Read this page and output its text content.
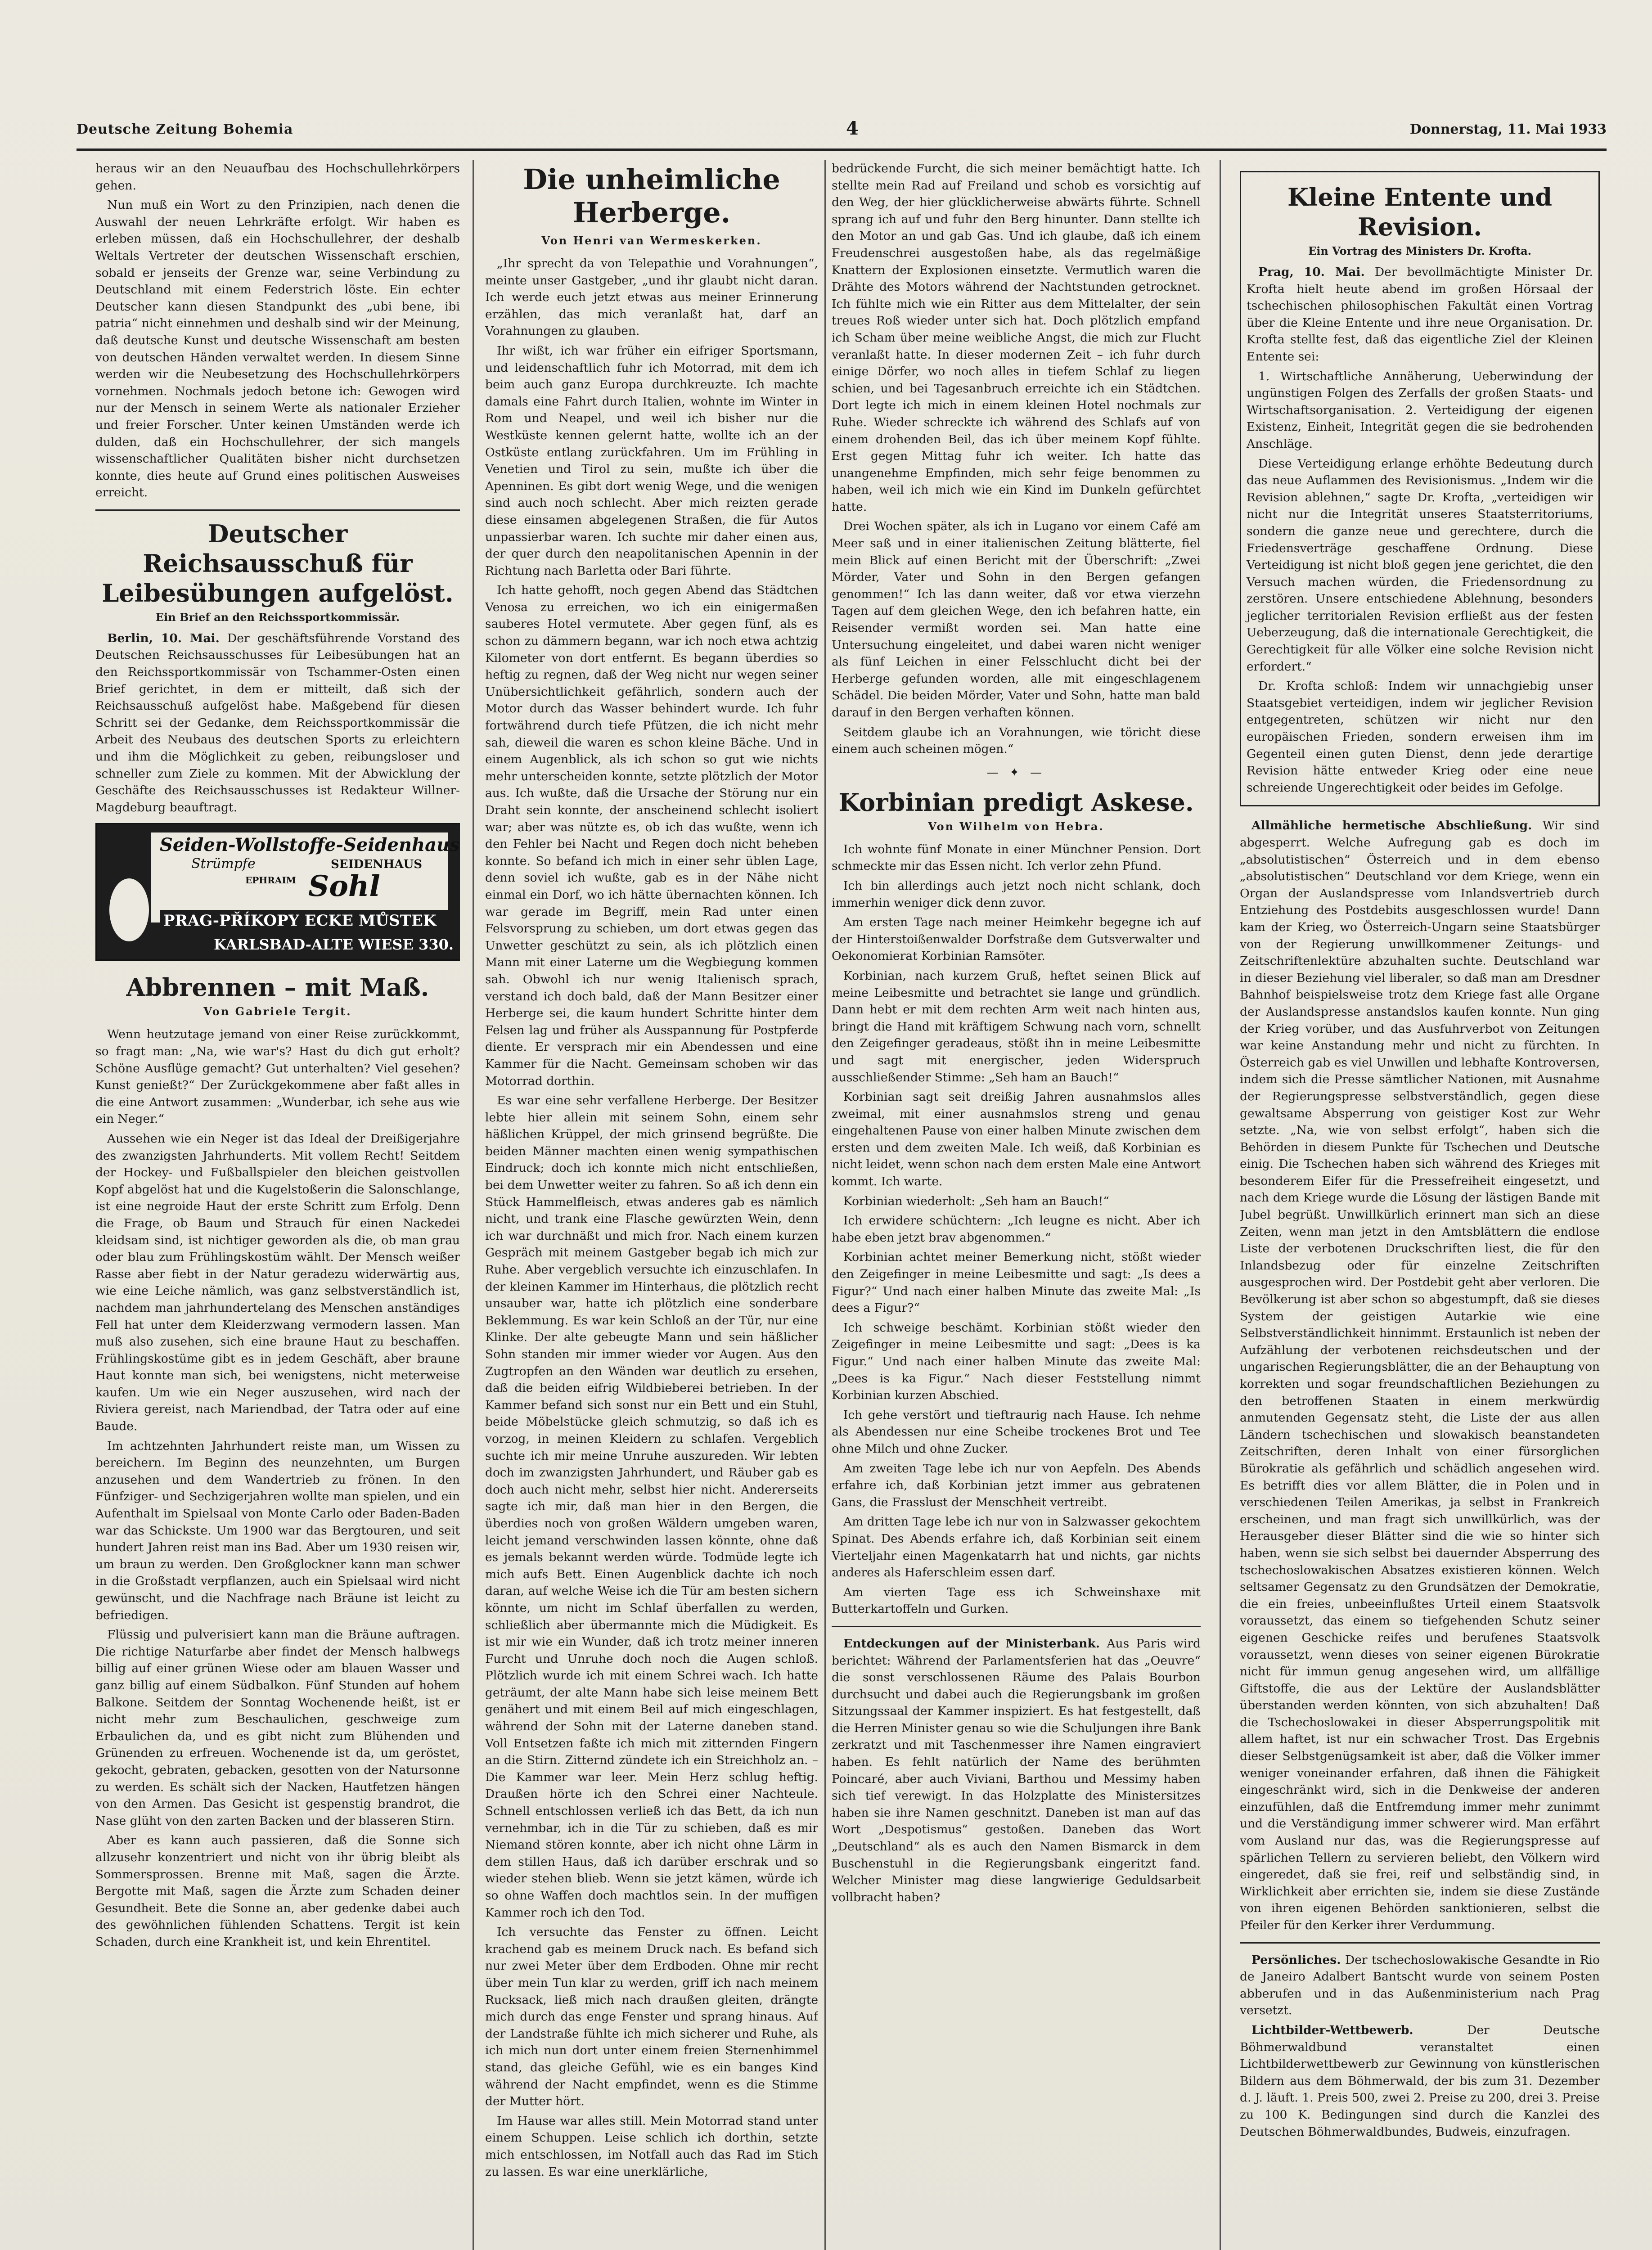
Deutsche Zeitung Bohemia	4	Donnerstag, 11. Mai 1933

heraus wir an den Neuaufbau des Hochschullehrkörpers gehen.

Nun muß ein Wort zu den Prinzipien, nach denen die Auswahl der neuen Lehrkräfte erfolgt. Wir haben es erleben müssen, daß ein Hochschullehrer, der deshalb Weltals Vertreter der deutschen Wissenschaft erschien, sobald er jenseits der Grenze war, seine Verbindung zu Deutschland mit einem Federstrich löste. Ein echter Deutscher kann diesen Standpunkt des „ubi bene, ibi patria“ nicht einnehmen und deshalb sind wir der Meinung, daß deutsche Kunst und deutsche Wissenschaft am besten von deutschen Händen verwaltet werden. In diesem Sinne werden wir die Neubesetzung des Hochschullehrkörpers vornehmen. Nochmals jedoch betone ich: Gewogen wird nur der Mensch in seinem Werte als nationaler Erzieher und freier Forscher. Unter keinen Umständen werde ich dulden, daß ein Hochschullehrer, der sich mangels wissenschaftlicher Qualitäten bisher nicht durchsetzen konnte, dies heute auf Grund eines politischen Ausweises erreicht.

Deutscher Reichsausschuß für Leibesübungen aufgelöst.
Ein Brief an den Reichssportkommissär.

Berlin, 10. Mai. Der geschäftsführende Vorstand des Deutschen Reichsausschusses für Leibesübungen hat an den Reichssportkommissär von Tschammer-Osten einen Brief gerichtet, in dem er mitteilt, daß sich der Reichsausschuß aufgelöst habe. Maßgebend für diesen Schritt sei der Gedanke, dem Reichssportkommissär die Arbeit des Neubaus des deutschen Sports zu erleichtern und ihm die Möglichkeit zu geben, reibungsloser und schneller zum Ziele zu kommen. Mit der Abwicklung der Geschäfte des Reichsausschusses ist Redakteur Willner-Magdeburg beauftragt.

Seiden-Wollstoffe-Seidenhaus
Strümpfe	SEIDENHAUS
EPHRAIM Sohl
PRAG-PŘÍKOPY ECKE MŮSTEK
KARLSBAD-ALTE WIESE 330.
Abbrennen – mit Maß.
Von Gabriele Tergit.

Wenn heutzutage jemand von einer Reise zurückkommt, so fragt man: „Na, wie war's? Hast du dich gut erholt? Schöne Ausflüge gemacht? Gut unterhalten? Viel gesehen? Kunst genießt?“ Der Zurückgekommene aber faßt alles in die eine Antwort zusammen: „Wunderbar, ich sehe aus wie ein Neger.“

Aussehen wie ein Neger ist das Ideal der Dreißigerjahre des zwanzigsten Jahrhunderts. Mit vollem Recht! Seitdem der Hockey- und Fußballspieler den bleichen geistvollen Kopf abgelöst hat und die Kugelstoßerin die Salonschlange, ist eine negroide Haut der erste Schritt zum Erfolg. Denn die Frage, ob Baum und Strauch für einen Nackedei kleidsam sind, ist nichtiger geworden als die, ob man grau oder blau zum Frühlingskostüm wählt. Der Mensch weißer Rasse aber fiebt in der Natur geradezu widerwärtig aus, wie eine Leiche nämlich, was ganz selbstverständlich ist, nachdem man jahrhundertelang des Menschen anständiges Fell hat unter dem Kleiderzwang vermodern lassen. Man muß also zusehen, sich eine braune Haut zu beschaffen. Frühlingskostüme gibt es in jedem Geschäft, aber braune Haut konnte man sich, bei wenigstens, nicht meterweise kaufen. Um wie ein Neger auszusehen, wird nach der Riviera gereist, nach Mariendbad, der Tatra oder auf eine Baude.

Im achtzehnten Jahrhundert reiste man, um Wissen zu bereichern. Im Beginn des neunzehnten, um Burgen anzusehen und dem Wandertrieb zu frönen. In den Fünfziger- und Sechzigerjahren wollte man spielen, und ein Aufenthalt im Spielsaal von Monte Carlo oder Baden-Baden war das Schickste. Um 1900 war das Bergtouren, und seit hundert Jahren reist man ins Bad. Aber um 1930 reisen wir, um braun zu werden. Den Großglockner kann man schwer in die Großstadt verpflanzen, auch ein Spielsaal wird nicht gewünscht, und die Nachfrage nach Bräune ist leicht zu befriedigen.

Flüssig und pulverisiert kann man die Bräune auftragen. Die richtige Naturfarbe aber findet der Mensch halbwegs billig auf einer grünen Wiese oder am blauen Wasser und ganz billig auf einem Südbalkon. Fünf Stunden auf hohem Balkone. Seitdem der Sonntag Wochenende heißt, ist er nicht mehr zum Beschaulichen, geschweige zum Erbaulichen da, und es gibt nicht zum Blühenden und Grünenden zu erfreuen. Wochenende ist da, um geröstet, gekocht, gebraten, gebacken, gesotten von der Natursonne zu werden. Es schält sich der Nacken, Hautfetzen hängen von den Armen. Das Gesicht ist gespenstig brandrot, die Nase glüht von den zarten Backen und der blasseren Stirn.

Aber es kann auch passieren, daß die Sonne sich allzusehr konzentriert und nicht von ihr übrig bleibt als Sommersprossen. Brenne mit Maß, sagen die Ärzte. Bergotte mit Maß, sagen die Ärzte zum Schaden deiner Gesundheit. Bete die Sonne an, aber gedenke dabei auch des gewöhnlichen fühlenden Schattens. Tergit ist kein Schaden, durch eine Krankheit ist, und kein Ehrentitel.

Die unheimliche Herberge.
Von Henri van Wermeskerken.

„Ihr sprecht da von Telepathie und Vorahnungen“, meinte unser Gastgeber, „und ihr glaubt nicht daran. Ich werde euch jetzt etwas aus meiner Erinnerung erzählen, das mich veranlaßt hat, darf an Vorahnungen zu glauben.

Ihr wißt, ich war früher ein eifriger Sportsmann, und leidenschaftlich fuhr ich Motorrad, mit dem ich beim auch ganz Europa durchkreuzte. Ich machte damals eine Fahrt durch Italien, wohnte im Winter in Rom und Neapel, und weil ich bisher nur die Westküste kennen gelernt hatte, wollte ich an der Ostküste entlang zurückfahren. Um im Frühling in Venetien und Tirol zu sein, mußte ich über die Apenninen. Es gibt dort wenig Wege, und die wenigen sind auch noch schlecht. Aber mich reizten gerade diese einsamen abgelegenen Straßen, die für Autos unpassierbar waren. Ich suchte mir daher einen aus, der quer durch den neapolitanischen Apennin in der Richtung nach Barletta oder Bari führte.

Ich hatte gehofft, noch gegen Abend das Städtchen Venosa zu erreichen, wo ich ein einigermaßen sauberes Hotel vermutete. Aber gegen fünf, als es schon zu dämmern begann, war ich noch etwa achtzig Kilometer von dort entfernt. Es begann überdies so heftig zu regnen, daß der Weg nicht nur wegen seiner Unübersichtlichkeit gefährlich, sondern auch der Motor durch das Wasser behindert wurde. Ich fuhr fortwährend durch tiefe Pfützen, die ich nicht mehr sah, dieweil die waren es schon kleine Bäche. Und in einem Augenblick, als ich schon so gut wie nichts mehr unterscheiden konnte, setzte plötzlich der Motor aus. Ich wußte, daß die Ursache der Störung nur ein Draht sein konnte, der anscheinend schlecht isoliert war; aber was nützte es, ob ich das wußte, wenn ich den Fehler bei Nacht und Regen doch nicht beheben konnte. So befand ich mich in einer sehr üblen Lage, denn soviel ich wußte, gab es in der Nähe nicht einmal ein Dorf, wo ich hätte übernachten können. Ich war gerade im Begriff, mein Rad unter einen Felsvorsprung zu schieben, um dort etwas gegen das Unwetter geschützt zu sein, als ich plötzlich einen Mann mit einer Laterne um die Wegbiegung kommen sah. Obwohl ich nur wenig Italienisch sprach, verstand ich doch bald, daß der Mann Besitzer einer Herberge sei, die kaum hundert Schritte hinter dem Felsen lag und früher als Ausspannung für Postpferde diente. Er versprach mir ein Abendessen und eine Kammer für die Nacht. Gemeinsam schoben wir das Motorrad dorthin.

Es war eine sehr verfallene Herberge. Der Besitzer lebte hier allein mit seinem Sohn, einem sehr häßlichen Krüppel, der mich grinsend begrüßte. Die beiden Männer machten einen wenig sympathischen Eindruck; doch ich konnte mich nicht entschließen, bei dem Unwetter weiter zu fahren. So aß ich denn ein Stück Hammelfleisch, etwas anderes gab es nämlich nicht, und trank eine Flasche gewürzten Wein, denn ich war durchnäßt und mich fror. Nach einem kurzen Gespräch mit meinem Gastgeber begab ich mich zur Ruhe. Aber vergeblich versuchte ich einzuschlafen. In der kleinen Kammer im Hinterhaus, die plötzlich recht unsauber war, hatte ich plötzlich eine sonderbare Beklemmung. Es war kein Schloß an der Tür, nur eine Klinke. Der alte gebeugte Mann und sein häßlicher Sohn standen mir immer wieder vor Augen. Aus den Zugtropfen an den Wänden war deutlich zu ersehen, daß die beiden eifrig Wildbieberei betrieben. In der Kammer befand sich sonst nur ein Bett und ein Stuhl, beide Möbelstücke gleich schmutzig, so daß ich es vorzog, in meinen Kleidern zu schlafen. Vergeblich suchte ich mir meine Unruhe auszureden. Wir lebten doch im zwanzigsten Jahrhundert, und Räuber gab es doch auch nicht mehr, selbst hier nicht. Andererseits sagte ich mir, daß man hier in den Bergen, die überdies noch von großen Wäldern umgeben waren, leicht jemand verschwinden lassen könnte, ohne daß es jemals bekannt werden würde. Todmüde legte ich mich aufs Bett. Einen Augenblick dachte ich noch daran, auf welche Weise ich die Tür am besten sichern könnte, um nicht im Schlaf überfallen zu werden, schließlich aber übermannte mich die Müdigkeit. Es ist mir wie ein Wunder, daß ich trotz meiner inneren Furcht und Unruhe doch noch die Augen schloß. Plötzlich wurde ich mit einem Schrei wach. Ich hatte geträumt, der alte Mann habe sich leise meinem Bett genähert und mit einem Beil auf mich eingeschlagen, während der Sohn mit der Laterne daneben stand. Voll Entsetzen faßte ich mich mit zitternden Fingern an die Stirn. Zitternd zündete ich ein Streichholz an. – Die Kammer war leer. Mein Herz schlug heftig. Draußen hörte ich den Schrei einer Nachteule. Schnell entschlossen verließ ich das Bett, da ich nun vernehmbar, ich in die Tür zu schieben, daß es mir Niemand stören konnte, aber ich nicht ohne Lärm in dem stillen Haus, daß ich darüber erschrak und so wieder stehen blieb. Wenn sie jetzt kämen, würde ich so ohne Waffen doch machtlos sein. In der muffigen Kammer roch ich den Tod.

Ich versuchte das Fenster zu öffnen. Leicht krachend gab es meinem Druck nach. Es befand sich nur zwei Meter über dem Erdboden. Ohne mir recht über mein Tun klar zu werden, griff ich nach meinem Rucksack, ließ mich nach draußen gleiten, drängte mich durch das enge Fenster und sprang hinaus. Auf der Landstraße fühlte ich mich sicherer und Ruhe, als ich mich nun dort unter einem freien Sternenhimmel stand, das gleiche Gefühl, wie es ein banges Kind während der Nacht empfindet, wenn es die Stimme der Mutter hört.

Im Hause war alles still. Mein Motorrad stand unter einem Schuppen. Leise schlich ich dorthin, setzte mich entschlossen, im Notfall auch das Rad im Stich zu lassen. Es war eine unerklärliche,

bedrückende Furcht, die sich meiner bemächtigt hatte. Ich stellte mein Rad auf Freiland und schob es vorsichtig auf den Weg, der hier glücklicherweise abwärts führte. Schnell sprang ich auf und fuhr den Berg hinunter. Dann stellte ich den Motor an und gab Gas. Und ich glaube, daß ich einem Freudenschrei ausgestoßen habe, als das regelmäßige Knattern der Explosionen einsetzte. Vermutlich waren die Drähte des Motors während der Nachtstunden getrocknet. Ich fühlte mich wie ein Ritter aus dem Mittelalter, der sein treues Roß wieder unter sich hat. Doch plötzlich empfand ich Scham über meine weibliche Angst, die mich zur Flucht veranlaßt hatte. In dieser modernen Zeit – ich fuhr durch einige Dörfer, wo noch alles in tiefem Schlaf zu liegen schien, und bei Tagesanbruch erreichte ich ein Städtchen. Dort legte ich mich in einem kleinen Hotel nochmals zur Ruhe. Wieder schreckte ich während des Schlafs auf von einem drohenden Beil, das ich über meinem Kopf fühlte. Erst gegen Mittag fuhr ich weiter. Ich hatte das unangenehme Empfinden, mich sehr feige benommen zu haben, weil ich mich wie ein Kind im Dunkeln gefürchtet hatte.

Drei Wochen später, als ich in Lugano vor einem Café am Meer saß und in einer italienischen Zeitung blätterte, fiel mein Blick auf einen Bericht mit der Überschrift: „Zwei Mörder, Vater und Sohn in den Bergen gefangen genommen!“ Ich las dann weiter, daß vor etwa vierzehn Tagen auf dem gleichen Wege, den ich befahren hatte, ein Reisender vermißt worden sei. Man hatte eine Untersuchung eingeleitet, und dabei waren nicht weniger als fünf Leichen in einer Felsschlucht dicht bei der Herberge gefunden worden, alle mit eingeschlagenem Schädel. Die beiden Mörder, Vater und Sohn, hatte man bald darauf in den Bergen verhaften können.

Seitdem glaube ich an Vorahnungen, wie töricht diese einem auch scheinen mögen.“

— ✦ —
Korbinian predigt Askese.
Von Wilhelm von Hebra.

Ich wohnte fünf Monate in einer Münchner Pension. Dort schmeckte mir das Essen nicht. Ich verlor zehn Pfund.

Ich bin allerdings auch jetzt noch nicht schlank, doch immerhin weniger dick denn zuvor.

Am ersten Tage nach meiner Heimkehr begegne ich auf der Hinterstoißenwalder Dorfstraße dem Gutsverwalter und Oekonomierat Korbinian Ramsöter.

Korbinian, nach kurzem Gruß, heftet seinen Blick auf meine Leibesmitte und betrachtet sie lange und gründlich. Dann hebt er mit dem rechten Arm weit nach hinten aus, bringt die Hand mit kräftigem Schwung nach vorn, schnellt den Zeigefinger geradeaus, stößt ihn in meine Leibesmitte und sagt mit energischer, jeden Widerspruch ausschließender Stimme: „Seh ham an Bauch!“

Korbinian sagt seit dreißig Jahren ausnahmslos alles zweimal, mit einer ausnahmslos streng und genau eingehaltenen Pause von einer halben Minute zwischen dem ersten und dem zweiten Male. Ich weiß, daß Korbinian es nicht leidet, wenn schon nach dem ersten Male eine Antwort kommt. Ich warte.

Korbinian wiederholt: „Seh ham an Bauch!“

Ich erwidere schüchtern: „Ich leugne es nicht. Aber ich habe eben jetzt brav abgenommen.“

Korbinian achtet meiner Bemerkung nicht, stößt wieder den Zeigefinger in meine Leibesmitte und sagt: „Is dees a Figur?“ Und nach einer halben Minute das zweite Mal: „Is dees a Figur?“

Ich schweige beschämt. Korbinian stößt wieder den Zeigefinger in meine Leibesmitte und sagt: „Dees is ka Figur.“ Und nach einer halben Minute das zweite Mal: „Dees is ka Figur.“ Nach dieser Feststellung nimmt Korbinian kurzen Abschied.

Ich gehe verstört und tieftraurig nach Hause. Ich nehme als Abendessen nur eine Scheibe trockenes Brot und Tee ohne Milch und ohne Zucker.

Am zweiten Tage lebe ich nur von Aepfeln. Des Abends erfahre ich, daß Korbinian jetzt immer aus gebratenen Gans, die Frasslust der Menschheit vertreibt.

Am dritten Tage lebe ich nur von in Salzwasser gekochtem Spinat. Des Abends erfahre ich, daß Korbinian seit einem Vierteljahr einen Magenkatarrh hat und nichts, gar nichts anderes als Haferschleim essen darf.

Am vierten Tage ess ich Schweinshaxe mit Butterkartoffeln und Gurken.

Entdeckungen auf der Ministerbank. Aus Paris wird berichtet: Während der Parlamentsferien hat das „Oeuvre“ die sonst verschlossenen Räume des Palais Bourbon durchsucht und dabei auch die Regierungsbank im großen Sitzungssaal der Kammer inspiziert. Es hat festgestellt, daß die Herren Minister genau so wie die Schuljungen ihre Bank zerkratzt und mit Taschenmesser ihre Namen eingraviert haben. Es fehlt natürlich der Name des berühmten Poincaré, aber auch Viviani, Barthou und Messimy haben sich tief verewigt. In das Holzplatte des Ministersitzes haben sie ihre Namen geschnitzt. Daneben ist man auf das Wort „Despotismus“ gestoßen. Daneben das Wort „Deutschland“ als es auch den Namen Bismarck in dem Buschenstuhl in die Regierungsbank eingeritzt fand. Welcher Minister mag diese langwierige Geduldsarbeit vollbracht haben?

Kleine Entente und Revision.
Ein Vortrag des Ministers Dr. Krofta.

Prag, 10. Mai. Der bevollmächtigte Minister Dr. Krofta hielt heute abend im großen Hörsaal der tschechischen philosophischen Fakultät einen Vortrag über die Kleine Entente und ihre neue Organisation. Dr. Krofta stellte fest, daß das eigentliche Ziel der Kleinen Entente sei:

1. Wirtschaftliche Annäherung, Ueberwindung der ungünstigen Folgen des Zerfalls der großen Staats- und Wirtschaftsorganisation. 2. Verteidigung der eigenen Existenz, Einheit, Integrität gegen die sie bedrohenden Anschläge.

Diese Verteidigung erlange erhöhte Bedeutung durch das neue Auflammen des Revisionismus. „Indem wir die Revision ablehnen,“ sagte Dr. Krofta, „verteidigen wir nicht nur die Integrität unseres Staatsterritoriums, sondern die ganze neue und gerechtere, durch die Friedensverträge geschaffene Ordnung. Diese Verteidigung ist nicht bloß gegen jene gerichtet, die den Versuch machen würden, die Friedensordnung zu zerstören. Unsere entschiedene Ablehnung, besonders jeglicher territorialen Revision erfließt aus der festen Ueberzeugung, daß die internationale Gerechtigkeit, die Gerechtigkeit für alle Völker eine solche Revision nicht erfordert.“

Dr. Krofta schloß: Indem wir unnachgiebig unser Staatsgebiet verteidigen, indem wir jeglicher Revision entgegentreten, schützen wir nicht nur den europäischen Frieden, sondern erweisen ihm im Gegenteil einen guten Dienst, denn jede derartige Revision hätte entweder Krieg oder eine neue schreiende Ungerechtigkeit oder beides im Gefolge.

Allmähliche hermetische Abschließung. Wir sind abgesperrt. Welche Aufregung gab es doch im „absolutistischen“ Österreich und in dem ebenso „absolutistischen“ Deutschland vor dem Kriege, wenn ein Organ der Auslandspresse vom Inlandsvertrieb durch Entziehung des Postdebits ausgeschlossen wurde! Dann kam der Krieg, wo Österreich-Ungarn seine Staatsbürger von der Regierung unwillkommener Zeitungs- und Zeitschriftenlektüre abzuhalten suchte. Deutschland war in dieser Beziehung viel liberaler, so daß man am Dresdner Bahnhof beispielsweise trotz dem Kriege fast alle Organe der Auslandspresse anstandslos kaufen konnte. Nun ging der Krieg vorüber, und das Ausfuhrverbot von Zeitungen war keine Anstandung mehr und nicht zu fürchten. In Österreich gab es viel Unwillen und lebhafte Kontroversen, indem sich die Presse sämtlicher Nationen, mit Ausnahme der Regierungspresse selbstverständlich, gegen diese gewaltsame Absperrung von geistiger Kost zur Wehr setzte. „Na, wie von selbst erfolgt“, haben sich die Behörden in diesem Punkte für Tschechen und Deutsche einig. Die Tschechen haben sich während des Krieges mit besonderem Eifer für die Pressefreiheit eingesetzt, und nach dem Kriege wurde die Lösung der lästigen Bande mit Jubel begrüßt. Unwillkürlich erinnert man sich an diese Zeiten, wenn man jetzt in den Amtsblättern die endlose Liste der verbotenen Druckschriften liest, die für den Inlandsbezug oder für einzelne Zeitschriften ausgesprochen wird. Der Postdebit geht aber verloren. Die Bevölkerung ist aber schon so abgestumpft, daß sie dieses System der geistigen Autarkie wie eine Selbstverständlichkeit hinnimmt. Erstaunlich ist neben der Aufzählung der verbotenen reichsdeutschen und der ungarischen Regierungsblätter, die an der Behauptung von korrekten und sogar freundschaftlichen Beziehungen zu den betroffenen Staaten in einem merkwürdig anmutenden Gegensatz steht, die Liste der aus allen Ländern tschechischen und slowakisch beanstandeten Zeitschriften, deren Inhalt von einer fürsorglichen Bürokratie als gefährlich und schädlich angesehen wird. Es betrifft dies vor allem Blätter, die in Polen und in verschiedenen Teilen Amerikas, ja selbst in Frankreich erscheinen, und man fragt sich unwillkürlich, was der Herausgeber dieser Blätter sind die wie so hinter sich haben, wenn sie sich selbst bei dauernder Absperrung des tschechoslowakischen Absatzes existieren können. Welch seltsamer Gegensatz zu den Grundsätzen der Demokratie, die ein freies, unbeeinflußtes Urteil einem Staatsvolk voraussetzt, das einem so tiefgehenden Schutz seiner eigenen Geschicke reifes und berufenes Staatsvolk voraussetzt, wenn dieses von seiner eigenen Bürokratie nicht für immun genug angesehen wird, um allfällige Giftstoffe, die aus der Lektüre der Auslandsblätter überstanden werden könnten, von sich abzuhalten! Daß die Tschechoslowakei in dieser Absperrungspolitik mit allem haftet, ist nur ein schwacher Trost. Das Ergebnis dieser Selbstgenügsamkeit ist aber, daß die Völker immer weniger voneinander erfahren, daß ihnen die Fähigkeit eingeschränkt wird, sich in die Denkweise der anderen einzufühlen, daß die Entfremdung immer mehr zunimmt und die Verständigung immer schwerer wird. Man erfährt vom Ausland nur das, was die Regierungspresse auf spärlichen Tellern zu servieren beliebt, den Völkern wird eingeredet, daß sie frei, reif und selbständig sind, in Wirklichkeit aber errichten sie, indem sie diese Zustände von ihren eigenen Behörden sanktionieren, selbst die Pfeiler für den Kerker ihrer Verdummung.

Persönliches. Der tschechoslowakische Gesandte in Rio de Janeiro Adalbert Bantscht wurde von seinem Posten abberufen und in das Außenministerium nach Prag versetzt.

Lichtbilder-Wettbewerb.	Der Deutsche Böhmerwaldbund veranstaltet einen Lichtbilderwettbewerb zur Gewinnung von künstlerischen Bildern aus dem Böhmerwald, der bis zum 31. Dezember d. J. läuft. 1. Preis 500, zwei 2. Preise zu 200, drei 3. Preise zu 100 K. Bedingungen sind durch die Kanzlei des Deutschen Böhmerwaldbundes, Budweis, einzufragen.
